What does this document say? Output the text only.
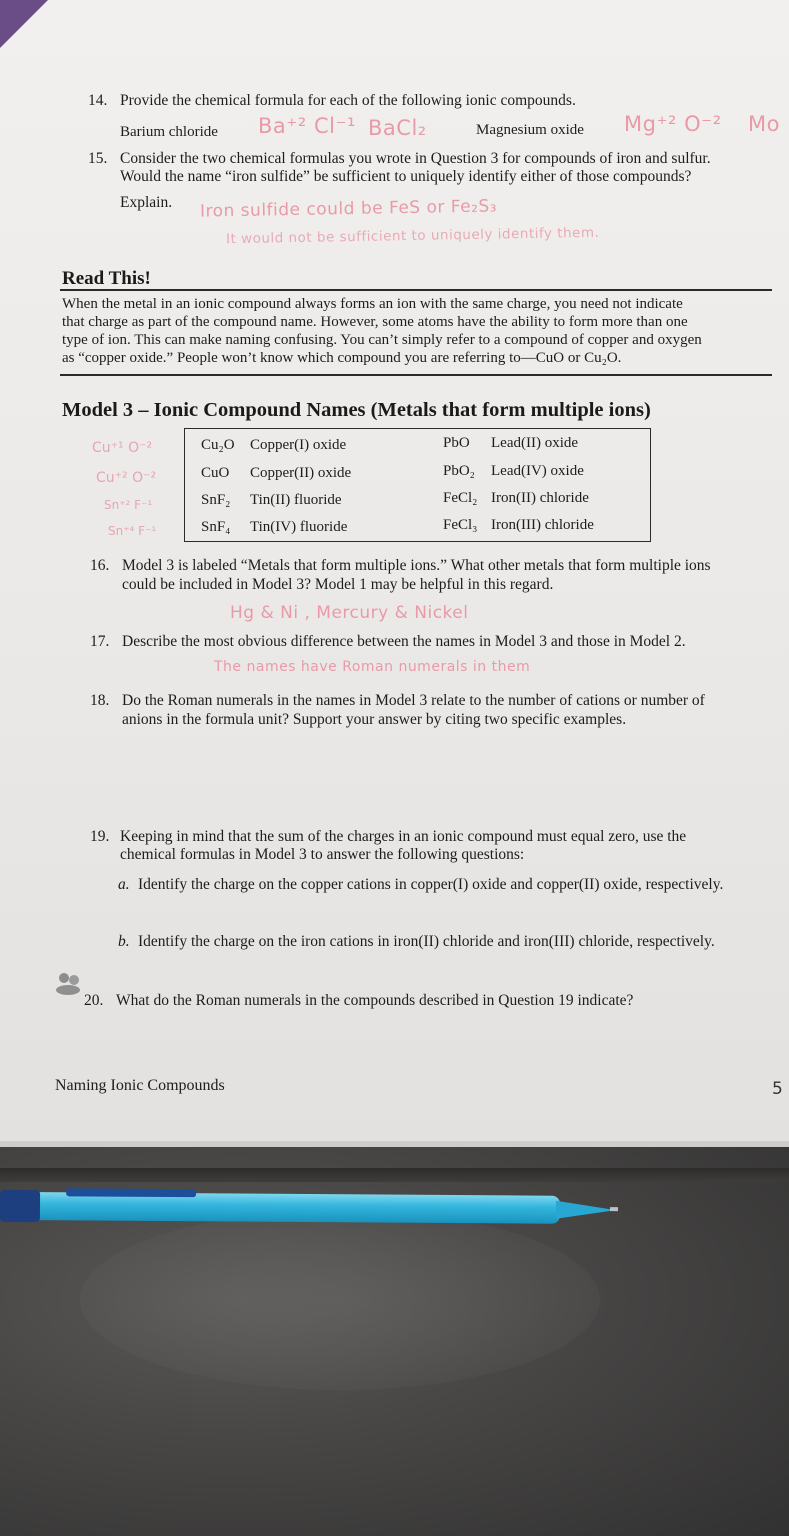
14. Provide the chemical formula for each of the following ionic compounds.
Barium chloride Ba⁺² Cl⁻¹ BaCl₂	Magnesium oxide Mg⁺² O⁻² Mo
15. Consider the two chemical formulas you wrote in Question 3 for compounds of iron and sulfur.
Would the name “iron sulfide” be sufficient to uniquely identify either of those compounds?
Explain. Iron sulfide could be FeS or Fe₂S₃
It would not be sufficient to uniquely identify them.
Read This!
When the metal in an ionic compound always forms an ion with the same charge, you need not indicate
that charge as part of the compound name. However, some atoms have the ability to form more than one
type of ion. This can make naming confusing. You can’t simply refer to a compound of copper and oxygen
as “copper oxide.” People won’t know which compound you are referring to—CuO or Cu₂O.
Model 3 – Ionic Compound Names (Metals that form multiple ions)
Cu⁺¹ O⁻²
Cu⁺² O⁻²
Sn⁺² F⁻¹
Sn⁺⁴ F⁻¹
Cu₂O Copper(I) oxide	PbO Lead(II) oxide
CuO Copper(II) oxide	PbO₂ Lead(IV) oxide
SnF₂ Tin(II) fluoride	FeCl₂ Iron(II) chloride
SnF₄ Tin(IV) fluoride	FeCl₃ Iron(III) chloride
16. Model 3 is labeled “Metals that form multiple ions.” What other metals that form multiple ions
could be included in Model 3? Model 1 may be helpful in this regard.
Hg & Ni , Mercury & Nickel
17. Describe the most obvious difference between the names in Model 3 and those in Model 2.
The names have Roman numerals in them
18. Do the Roman numerals in the names in Model 3 relate to the number of cations or number of
anions in the formula unit? Support your answer by citing two specific examples.
19. Keeping in mind that the sum of the charges in an ionic compound must equal zero, use the
chemical formulas in Model 3 to answer the following questions:
a. Identify the charge on the copper cations in copper(I) oxide and copper(II) oxide, respectively.
b. Identify the charge on the iron cations in iron(II) chloride and iron(III) chloride, respectively.
20. What do the Roman numerals in the compounds described in Question 19 indicate?
Naming Ionic Compounds	5
